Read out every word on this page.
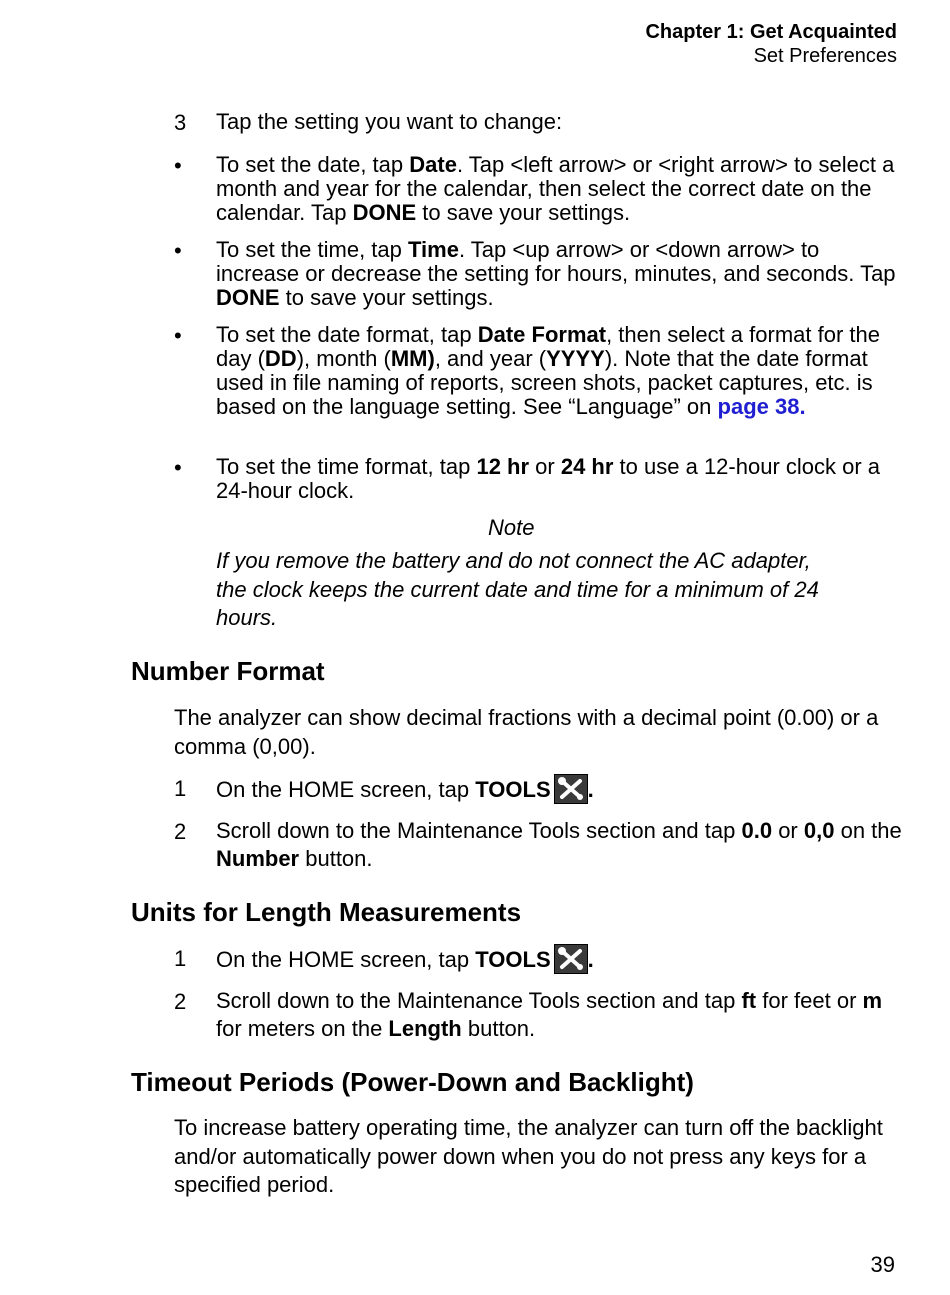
Chapter 1: Get Acquainted
Set Preferences
3	Tap the setting you want to change:
•	To set the date, tap Date. Tap <left arrow> or <right arrow> to select a month and year for the calendar, then select the correct date on the calendar. Tap DONE to save your settings.
•	To set the time, tap Time. Tap <up arrow> or <down arrow> to increase or decrease the setting for hours, minutes, and seconds. Tap DONE to save your settings.
•	To set the date format, tap Date Format, then select a format for the day (DD), month (MM), and year (YYYY). Note that the date format used in file naming of reports, screen shots, packet captures, etc. is based on the language setting. See “Language” on page 38.
•	To set the time format, tap 12 hr or 24 hr to use a 12-hour clock or a 24-hour clock.
Note
If you remove the battery and do not connect the AC adapter, the clock keeps the current date and time for a minimum of 24 hours.
Number Format
The analyzer can show decimal fractions with a decimal point (0.00) or a comma (0,00).
1	On the HOME screen, tap TOOLS .
2	Scroll down to the Maintenance Tools section and tap 0.0 or 0,0 on the Number button.
Units for Length Measurements
1	On the HOME screen, tap TOOLS .
2	Scroll down to the Maintenance Tools section and tap ft for feet or m for meters on the Length button.
Timeout Periods (Power-Down and Backlight)
To increase battery operating time, the analyzer can turn off the backlight and/or automatically power down when you do not press any keys for a specified period.
39
